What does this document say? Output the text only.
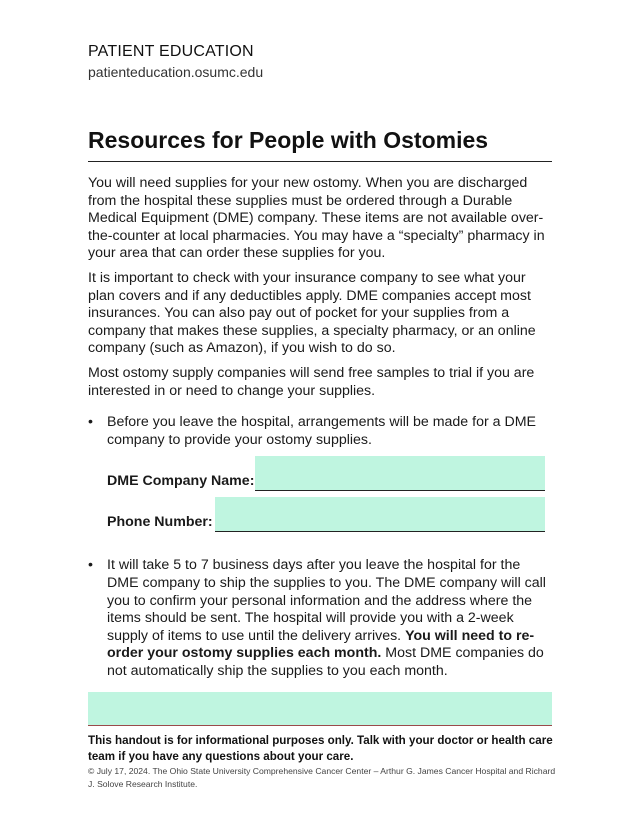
PATIENT EDUCATION
patienteducation.osumc.edu
Resources for People with Ostomies

You will need supplies for your new ostomy. When you are discharged from the hospital these supplies must be ordered through a Durable Medical Equipment (DME) company. These items are not available over-the-counter at local pharmacies. You may have a “specialty” pharmacy in your area that can order these supplies for you.

It is important to check with your insurance company to see what your plan covers and if any deductibles apply. DME companies accept most insurances. You can also pay out of pocket for your supplies from a company that makes these supplies, a specialty pharmacy, or an online company (such as Amazon), if you wish to do so.

Most ostomy supply companies will send free samples to trial if you are interested in or need to change your supplies.

• Before you leave the hospital, arrangements will be made for a DME company to provide your ostomy supplies.
DME Company Name:
Phone Number:
• It will take 5 to 7 business days after you leave the hospital for the DME company to ship the supplies to you. The DME company will call you to confirm your personal information and the address where the items should be sent. The hospital will provide you with a 2-week supply of items to use until the delivery arrives. You will need to re-order your ostomy supplies each month. Most DME companies do not automatically ship the supplies to you each month.
This handout is for informational purposes only. Talk with your doctor or health care team if you have any questions about your care.
© July 17, 2024. The Ohio State University Comprehensive Cancer Center – Arthur G. James Cancer Hospital and Richard J. Solove Research Institute.
